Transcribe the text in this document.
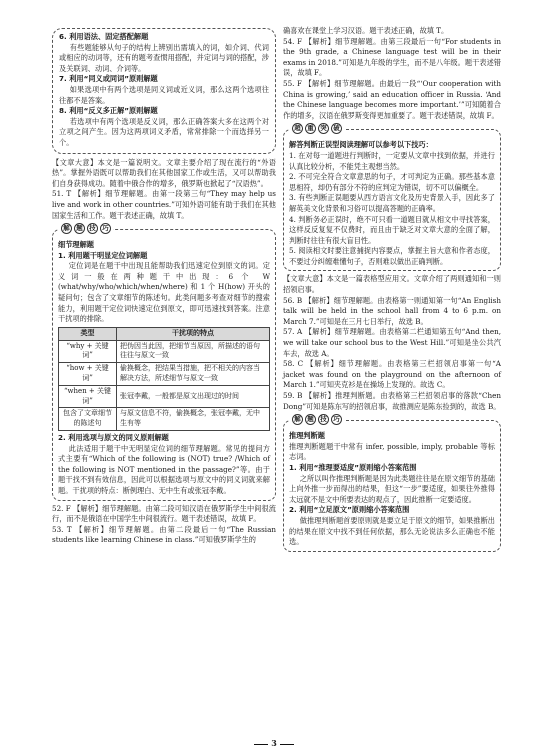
6. 利用语法、固定搭配解题

有些题能够从句子的结构上辨别出需填入的词，如介词、代词或相应的动词等，还有的题考查惯用搭配，并定词与词的搭配，涉及关联词、动词、介词等。

7. 利用“同义或同词”原则解题

如果选项中有两个选项是同义词或近义词，那么这两个选项往往都不是答案。

8. 利用“反义多正解”原则解题

若选项中有两个选项是反义词，那么正确答案大多在这两个对立项之间产生。因为这两项词义矛盾，常常排除一个而选择另一个。

【文章大意】本文是一篇说明文。文章主要介绍了现在流行的“外语热”。掌握外语既可以帮助我们在其他国家工作或生活，又可以帮助我们自身获得成功。随着中俄合作的增多，俄罗斯也掀起了“汉语热”。

51. T 【解析】细节理解题。由第一段第三句“They may help us live and work in other countries.”可知外语可能有助于我们在其他国家生活和工作。题干表述正确，故填 T。

解	题	技	巧

细节理解题

1. 利用题干明显定位词解题

定位词是在题干中出现且能帮助我们迅速定位到原文的词。定义词一般在两种题干中出现：6 个 W (what/why/who/which/when/where) 和 1 个 H(how) 开头的疑问句；包含了文章细节的陈述句。此类问题多考查对细节的搜索能力，利用题干定位词快速定位到原文，即可迅速找到答案。注意干扰项的排除。

类型	干扰项的特点
“why + 关键词”	把伪因当此因，把细节当原因，所描述的语句往往与原文一致
“how + 关键词”	偷换概念，把结果当措施，把不相关的内容当解决方法，所述细节与原文一致
“when + 关键词”	张冠李戴，一般都是原文出现过的时间
包含了文章细节的陈述句	与原文信息不符，偷换概念，张冠李戴，无中生有等

2. 利用选项与原文的同义原则解题

此法适用于题干中无明显定位词的细节理解题。常见的提问方式主要有“Which of the following is (NOT) true? /Which of the following is NOT mentioned in the passage?”等。由于题干找不到有效信息，因此可以根据选项与原文中的同义词就来解题。干扰项的特点：断例理白、无中生有或张冠李戴。

52. F 【解析】细节理解题。由第二段可知汉语在俄罗斯学生中间很流行，而不是俄语在中国学生中间很流行。题干表述错误，故填 F。

53. T 【解析】细节理解题。由第二段最后一句“The Russian students like learning Chinese in class.”可知俄罗斯学生的

确喜欢在课堂上学习汉语。题干表述正确，故填 T。

54. F 【解析】细节理解题。由第三段最后一句“For students in the 9th grade, a Chinese language test will be in their exams in 2018.”可知是九年级的学生，而不是八年级。题干表述错误，故填 F。

55. F 【解析】细节理解题。由最后一段“‘Our cooperation with China is growing,’ said an education officer in Russia. ‘And the Chinese language becomes more important.’”可知随着合作的增多，汉语在俄罗斯变得更加重要了。题干表述错误，故填 F。

超	重	突	破

解答判断正误型阅读理解可以参考以下技巧：

1. 在对每一道题进行判断时，一定要从文章中找到依据，并进行认真比较分析，不能凭主观想当然。

2. 不可完全符合文章意思的句子，才可判定为正确。那些基本意思相符，却仍有部分不符的应判定为错误，切不可以偏概全。

3. 有些判断正误题要从西方语言文化及历史背景入手，因此多了解英美文化背景和习俗可以提高答题的正确率。

4. 判断务必正误时，绝不可只看一道题目就从相文中寻找答案，这样反反复复不仅费时，而且由于缺乏对文章大意的全面了解，判断时往往有很大盲目性。

5. 阅读相文时要注意捕捉内容要点，掌握主旨大意和作者态度，不要过分纠缠难懂句子，否则难以做出正确判断。

【文章大意】本文是一篇表格型应用文。文章介绍了两则通知和一则招领启事。

56. B 【解析】细节理解题。由表格第一则通知第一句“An English talk will be held in the school hall from 4 to 6 p.m. on March 7.”可知是在三月七日举行，故选 B。

57. A 【解析】细节理解题。由表格第二栏通知第五句“And then, we will take our school bus to the West Hill.”可知是坐公共汽车去，故选 A。

58. C 【解析】细节理解题。由表格第三栏招领启事第一句“A jacket was found on the playground on the afternoon of March 1.”可知夹克衫是在操场上发现的。故选 C。

59. B 【解析】推理判断题。由表格第三栏招领启事的落款“Chen Dong”可知是陈东写的招领启事，故推测应是陈东捡到的，故选 B。

解	题	技	巧

推理判断题

推理判断题题干中常有 infer, possible, imply, probable 等标志词。

1. 利用“推理要适度”原则缩小答案范围

之所以叫作推理判断题是因为此类题往往是在原文细节的基础上向外推一步而得出的结果，但这“一步”要适度，如果往外推得太远就不是文中所要表达的观点了，因此推断一定要适度。

2. 利用“立足原文”原则缩小答案范围

做推理判断题首要原则就是要立足于原文的细节，如果推断出的结果在原文中找不到任何依据，那么无论说法多么正确也不能选。

3
